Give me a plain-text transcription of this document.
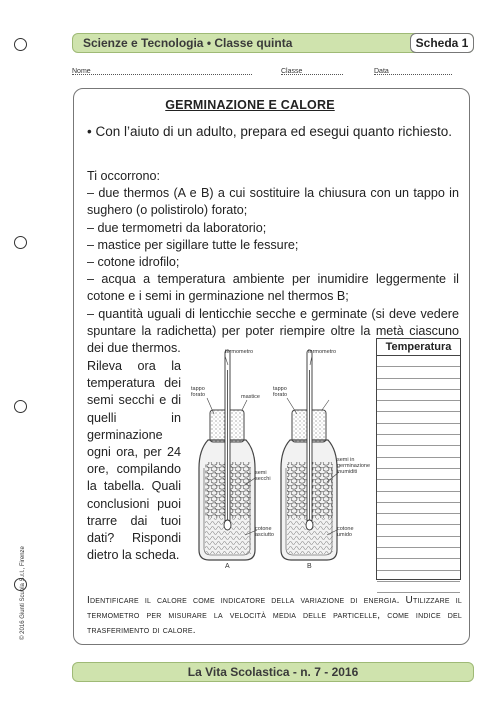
Scienze e Tecnologia • Classe quinta	Scheda 1
Nome	Classe	Data
GERMINAZIONE E CALORE
• Con l’aiuto di un adulto, prepara ed esegui quanto richiesto.
Ti occorrono:
– due thermos (A e B) a cui sostituire la chiusura con un tappo in sughero (o polistirolo) forato;
– due termometri da laboratorio;
– mastice per sigillare tutte le fessure;
– cotone idrofilo;
– acqua a temperatura ambiente per inumidire leggermente il cotone e i semi in germinazione nel thermos B;
– quantità uguali di lenticchie secche e germinate (si deve vedere spuntare la radichetta) per poter riempire oltre la metà ciascuno dei due thermos.
Rileva ora la temperatura dei semi secchi e di quelli in germinazione ogni ora, per 24 ore, compilando la tabella. Quali conclusioni puoi trarre dai tuoi dati? Rispondi dietro la scheda.
termometro	termometro
tappo forato
tappo forato
mastice
semi secchi
semi in germinazione inumiditi
cotone asciutto
cotone umido
A	B
Temperatura
Identificare il calore come indicatore della variazione di energia. Utilizzare il termometro per misurare la velocità media delle particelle, come indice del trasferimento di calore.
© 2016 Giunti Scuola S.r.l., Firenze
La Vita Scolastica - n. 7 - 2016
